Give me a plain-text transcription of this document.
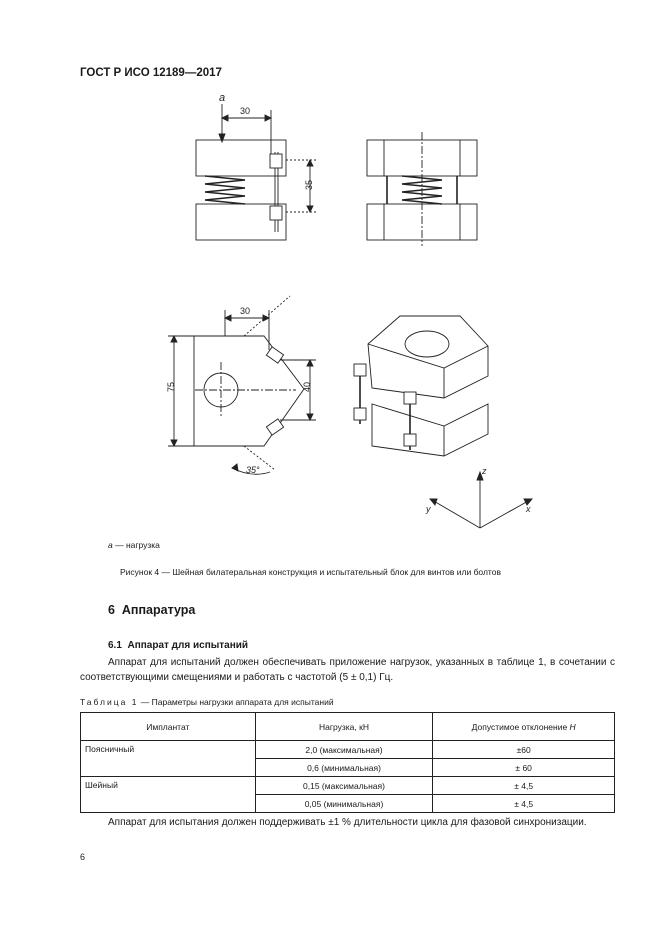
ГОСТ Р ИСО 12189—2017
a
30
35
30
75	40
35°	z
y	x
a — нагрузка
Рисунок 4 — Шейная билатеральная конструкция и испытательный блок для винтов или болтов
6 Аппаратура
6.1 Аппарат для испытаний
Аппарат для испытаний должен обеспечивать приложение нагрузок, указанных в таблице 1, в сочетании с соответствующими смещениями и работать с частотой (5 ± 0,1) Гц.
Таблица 1 — Параметры нагрузки аппарата для испытаний
Имплантат	Нагрузка, кН	Допустимое отклонение H
Поясничный	2,0 (максимальная)	±60
	0,6 (минимальная)	± 60
Шейный	0,15 (максимальная)	± 4,5
	0,05 (минимальная)	± 4,5
Аппарат для испытания должен поддерживать ±1 % длительности цикла для фазовой синхронизации.
6
